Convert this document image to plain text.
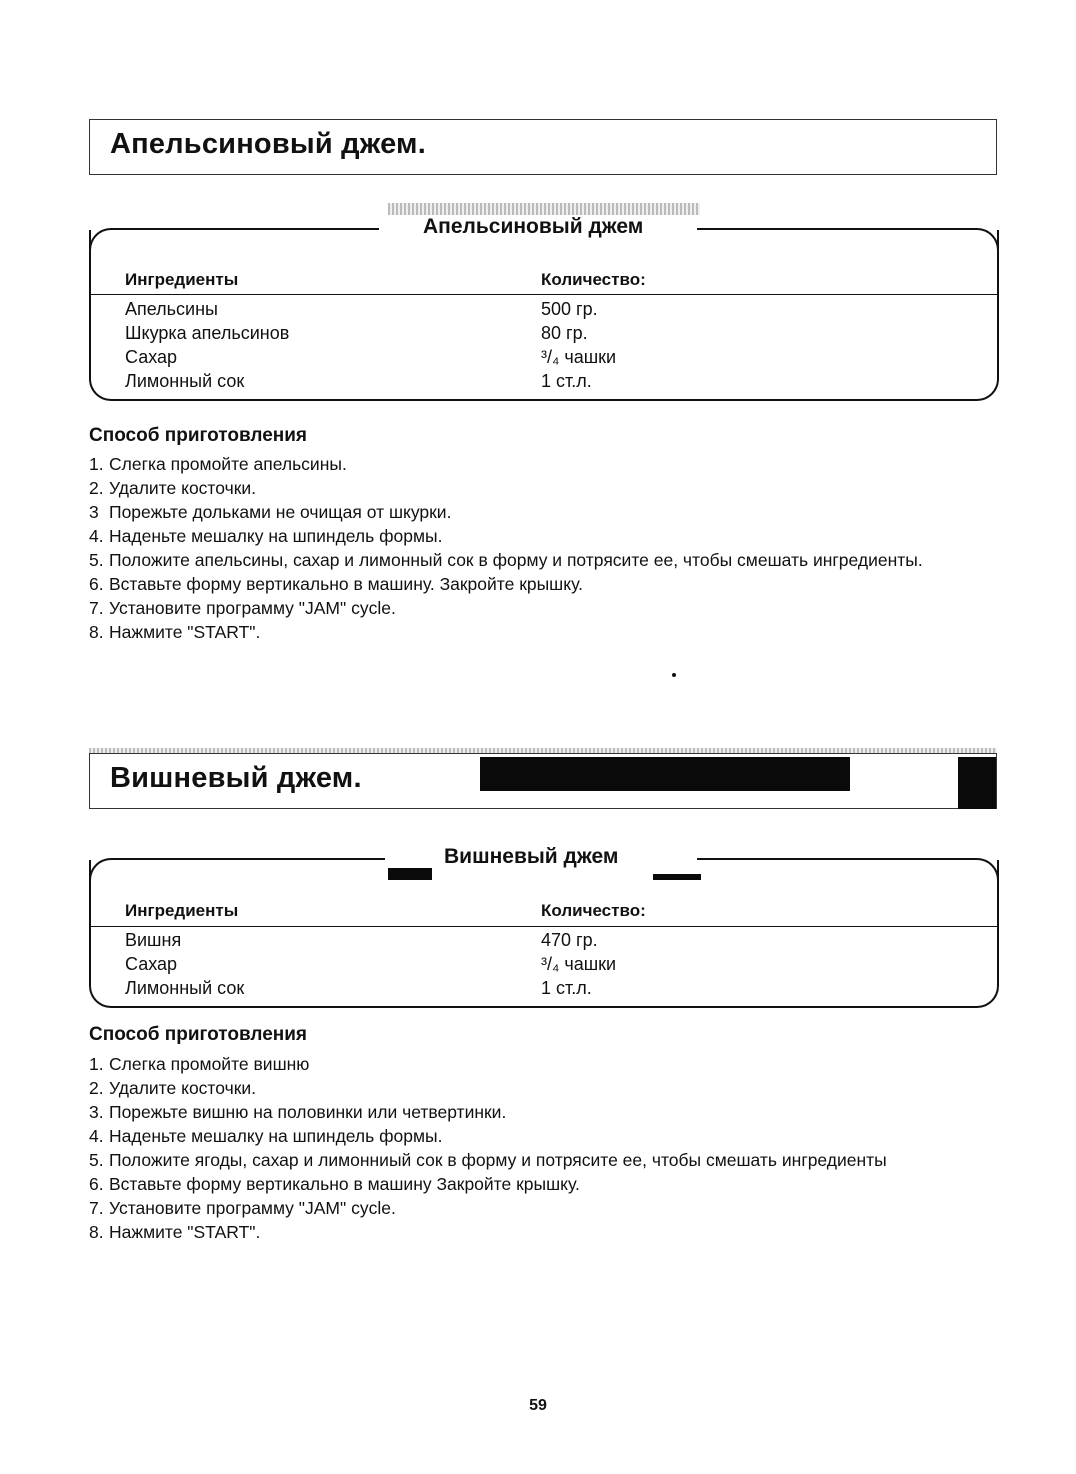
Апельсиновый джем.
Апельсиновый джем
Ингредиенты	Количество:
Апельсины	500 гр.
Шкурка апельсинов	80 гр.
Сахар	³/₄ чашки
Лимонный сок	1 ст.л.
Способ приготовления
1. Слегка промойте апельсины.
2. Удалите косточки.
3 Порежьте дольками не очищая от шкурки.
4. Наденьте мешалку на шпиндель формы.
5. Положите апельсины, сахар и лимонный сок в форму и потрясите ее, чтобы смешать ингредиенты.
6. Вставьте форму вертикально в машину. Закройте крышку.
7. Установите программу "JAM" cycle.
8. Нажмите "START".
Вишневый джем.
Вишневый джем
Ингредиенты	Количество:
Вишня	470 гр.
Сахар	³/₄ чашки
Лимонный сок	1 ст.л.
Способ приготовления
1. Слегка промойте вишню
2. Удалите косточки.
3. Порежьте вишню на половинки или четвертинки.
4. Наденьте мешалку на шпиндель формы.
5. Положите ягоды, сахар и лимонниый сок в форму и потрясите ее, чтобы смешать ингредиенты
6. Вставьте форму вертикально в машину Закройте крышку.
7. Установите программу "JAM" cycle.
8. Нажмите "START".
59
